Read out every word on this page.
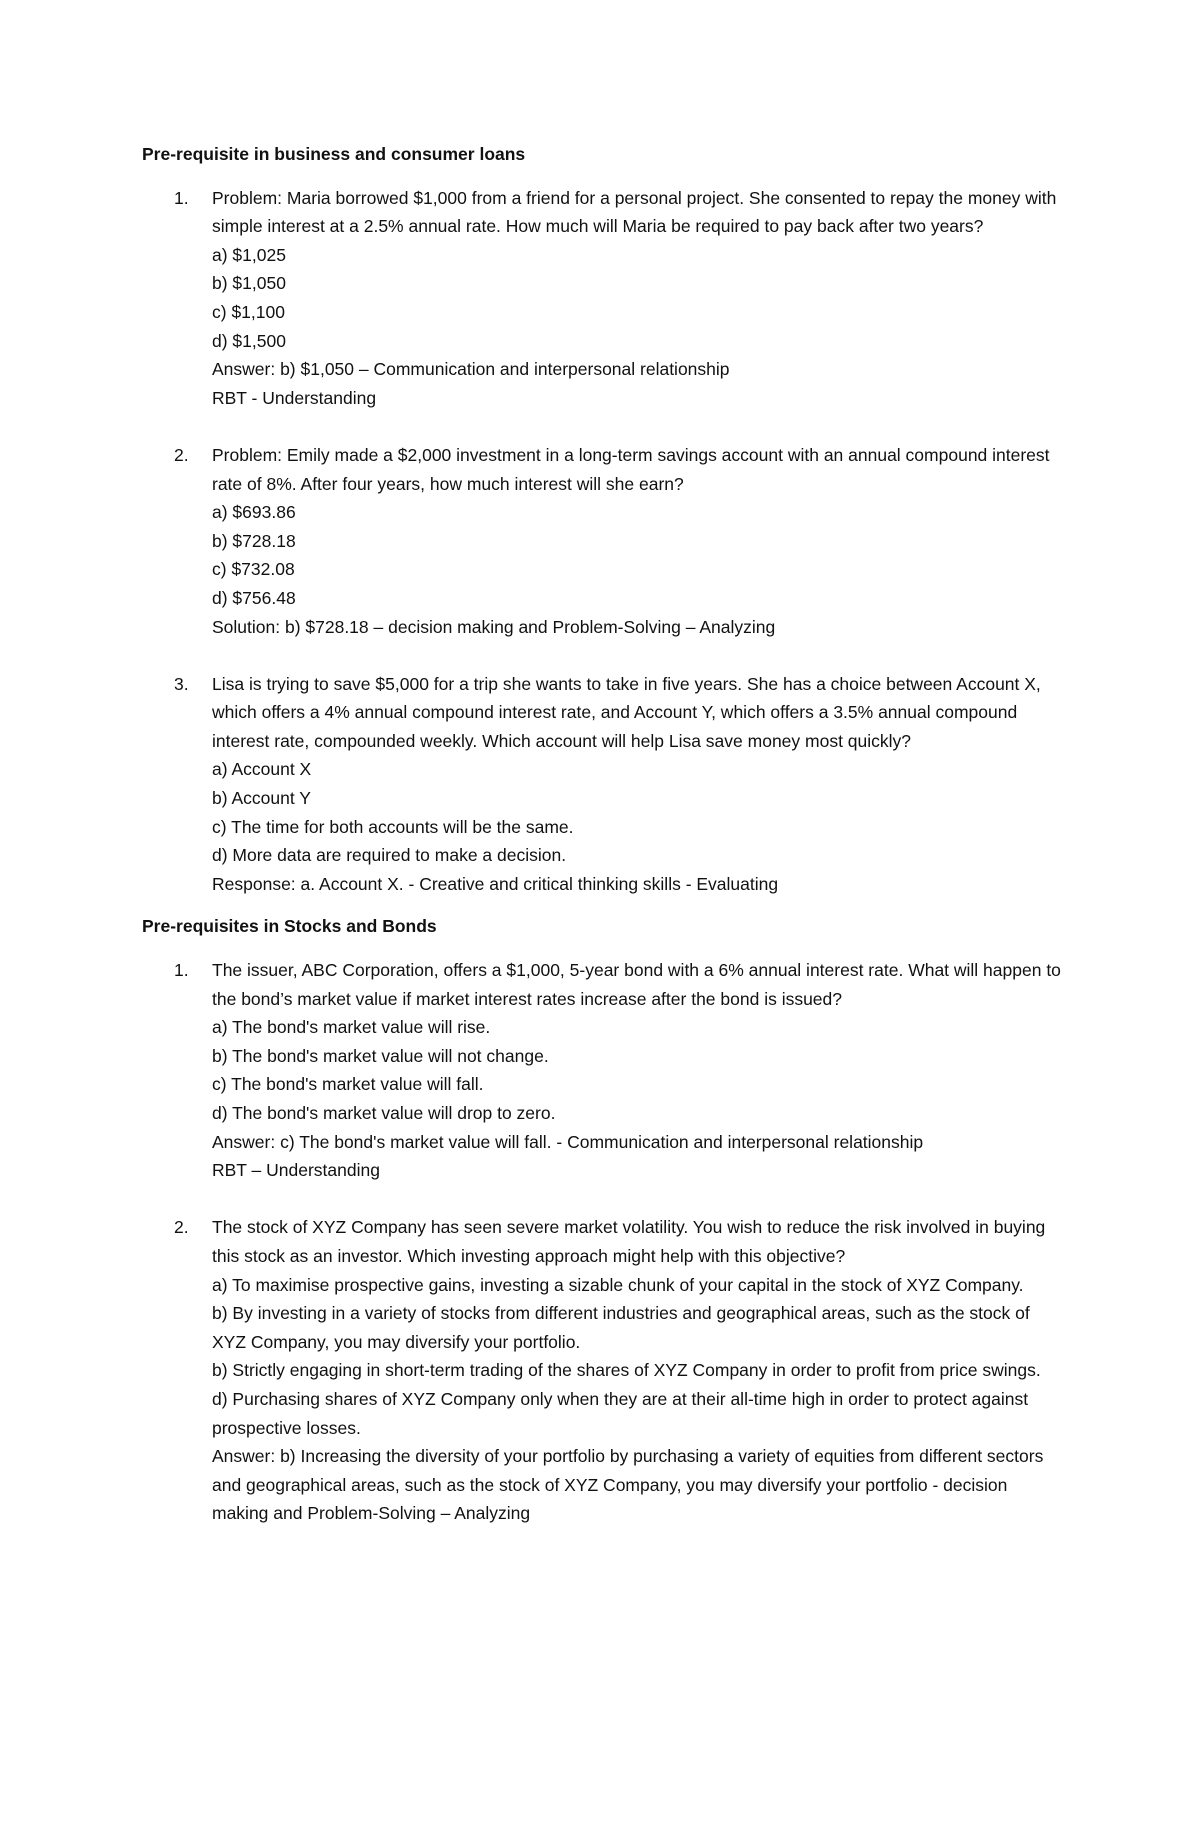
Pre-requisite in business and consumer loans
1.	Problem: Maria borrowed $1,000 from a friend for a personal project. She consented to repay the money with simple interest at a 2.5% annual rate. How much will Maria be required to pay back after two years?
a) $1,025
b) $1,050
c) $1,100
d) $1,500
Answer: b) $1,050 – Communication and interpersonal relationship
RBT - Understanding
2.	Problem: Emily made a $2,000 investment in a long-term savings account with an annual compound interest rate of 8%. After four years, how much interest will she earn?
a) $693.86
b) $728.18
c) $732.08
d) $756.48
Solution: b) $728.18 – decision making and Problem-Solving – Analyzing
3.	Lisa is trying to save $5,000 for a trip she wants to take in five years. She has a choice between Account X, which offers a 4% annual compound interest rate, and Account Y, which offers a 3.5% annual compound interest rate, compounded weekly. Which account will help Lisa save money most quickly?
a) Account X
b) Account Y
c) The time for both accounts will be the same.
d) More data are required to make a decision.
Response: a. Account X. - Creative and critical thinking skills - Evaluating
Pre-requisites in Stocks and Bonds
1.	The issuer, ABC Corporation, offers a $1,000, 5-year bond with a 6% annual interest rate. What will happen to the bond’s market value if market interest rates increase after the bond is issued?
a) The bond's market value will rise.
b) The bond's market value will not change.
c) The bond's market value will fall.
d) The bond's market value will drop to zero.
Answer: c) The bond's market value will fall. - Communication and interpersonal relationship
RBT – Understanding
2.	The stock of XYZ Company has seen severe market volatility. You wish to reduce the risk involved in buying this stock as an investor. Which investing approach might help with this objective?
a) To maximise prospective gains, investing a sizable chunk of your capital in the stock of XYZ Company.
b) By investing in a variety of stocks from different industries and geographical areas, such as the stock of XYZ Company, you may diversify your portfolio.
b) Strictly engaging in short-term trading of the shares of XYZ Company in order to profit from price swings.
d) Purchasing shares of XYZ Company only when they are at their all-time high in order to protect against prospective losses.
Answer: b) Increasing the diversity of your portfolio by purchasing a variety of equities from different sectors and geographical areas, such as the stock of XYZ Company, you may diversify your portfolio - decision making and Problem-Solving – Analyzing
